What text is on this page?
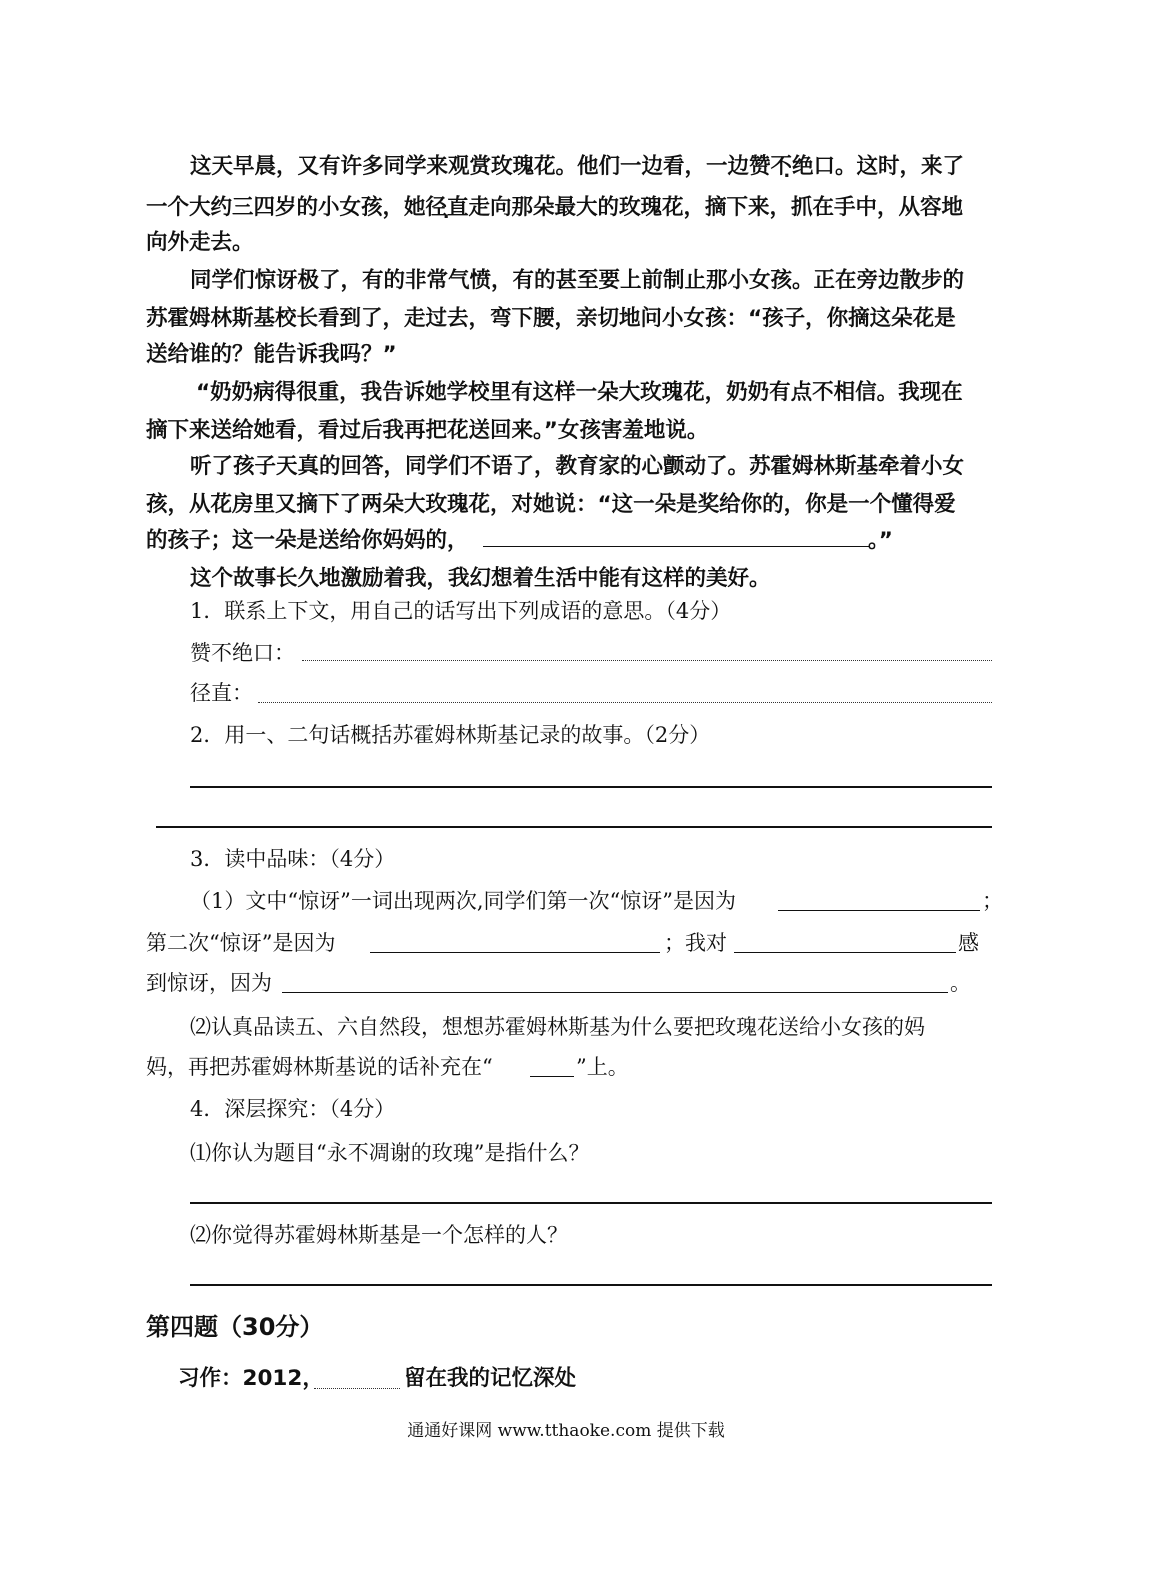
这天早晨，又有许多同学来观赏玫瑰花。他们一边看，一边赞不绝口 .。这时，来了
一个大约三四岁的小女孩，她径直 .走向那朵最大的玫瑰花，摘下来，抓在手中，从容地
向外走去。
同学们惊讶极了，有的非常气愤，有的甚至要上前制止那小女孩。正在旁边散步的
苏霍姆林斯基校长看到了，走过去，弯下腰，亲切地问小女孩：“孩子，你摘这朵花是
送给谁的？能告诉我吗？”
“奶奶病得很重，我告诉她学校里有这样一朵大玫瑰花，奶奶有点不相信。我现在
摘下来送给她看，看过后我再把花送回来。”女孩害羞地说。
听了孩子天真的回答，同学们不语了，教育家的心颤动了。苏霍姆林斯基牵着小女
孩，从花房里又摘下了两朵大玫瑰花，对她说：“这一朵是奖给你的，你是一个懂得爱
的孩子；这一朵是送给你妈妈的，	。”
这个故事长久地激励着我，我幻想着生活中能有这样的美好。
1．联系上下文，用自己的话写出下列成语的意思。（4分）
赞不绝口：
径直：
2．用一、二句话概括苏霍姆林斯基记录的故事。（2分）
3．读中品味：（4分）
（1）文中“惊讶”一词出现两次,同学们第一次“惊讶”是因为	；
第二次“惊讶”是因为	；我对	感
到惊讶，因为	。
⑵认真品读五、六自然段，想想苏霍姆林斯基为什么要把玫瑰花送给小女孩的妈
妈，再把苏霍姆林斯基说的话补充在“	”上。
4．深层探究：（4分）
⑴你认为题目“永不凋谢的玫瑰”是指什么？
⑵你觉得苏霍姆林斯基是一个怎样的人？
第四题（30分）
习作：2012，	留在我的记忆深处
通通好课网 www.tthaoke.com 提供下载
